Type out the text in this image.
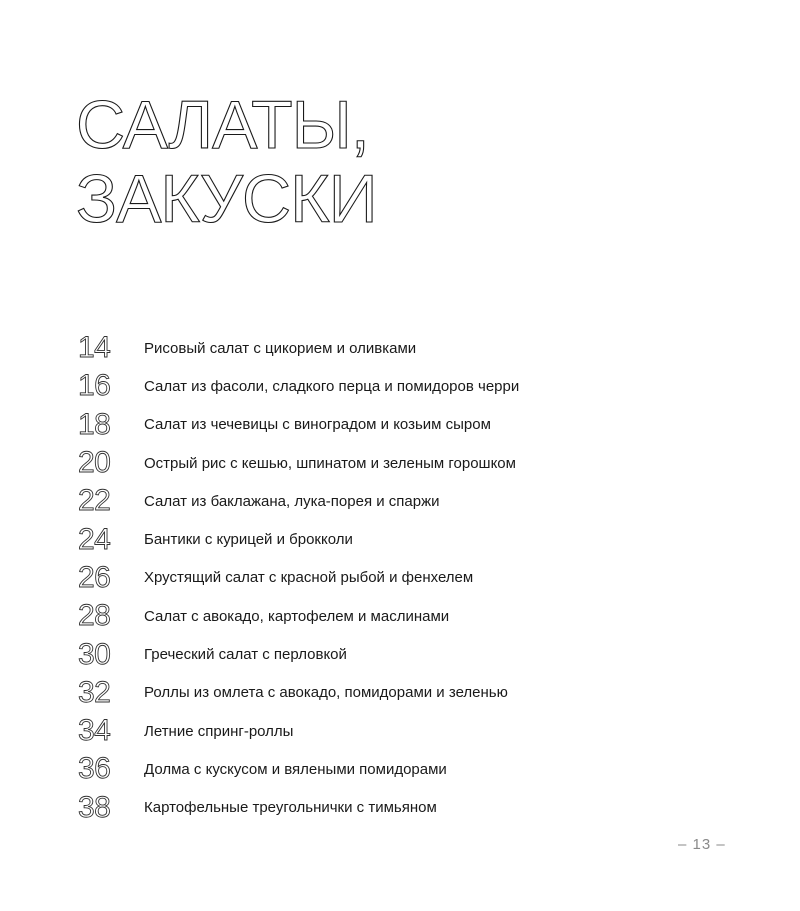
САЛАТЫ,
ЗАКУСКИ
14	Рисовый салат с цикорием и оливками
16	Салат из фасоли, сладкого перца и помидоров черри
18	Салат из чечевицы с виноградом и козьим сыром
20	Острый рис с кешью, шпинатом и зеленым горошком
22	Салат из баклажана, лука-порея и спаржи
24	Бантики с курицей и брокколи
26	Хрустящий салат с красной рыбой и фенхелем
28	Салат с авокадо, картофелем и маслинами
30	Греческий салат с перловкой
32	Роллы из омлета с авокадо, помидорами и зеленью
34	Летние спринг-роллы
36	Долма с кускусом и вялеными помидорами
38	Картофельные треугольнички с тимьяном
– 13 –
